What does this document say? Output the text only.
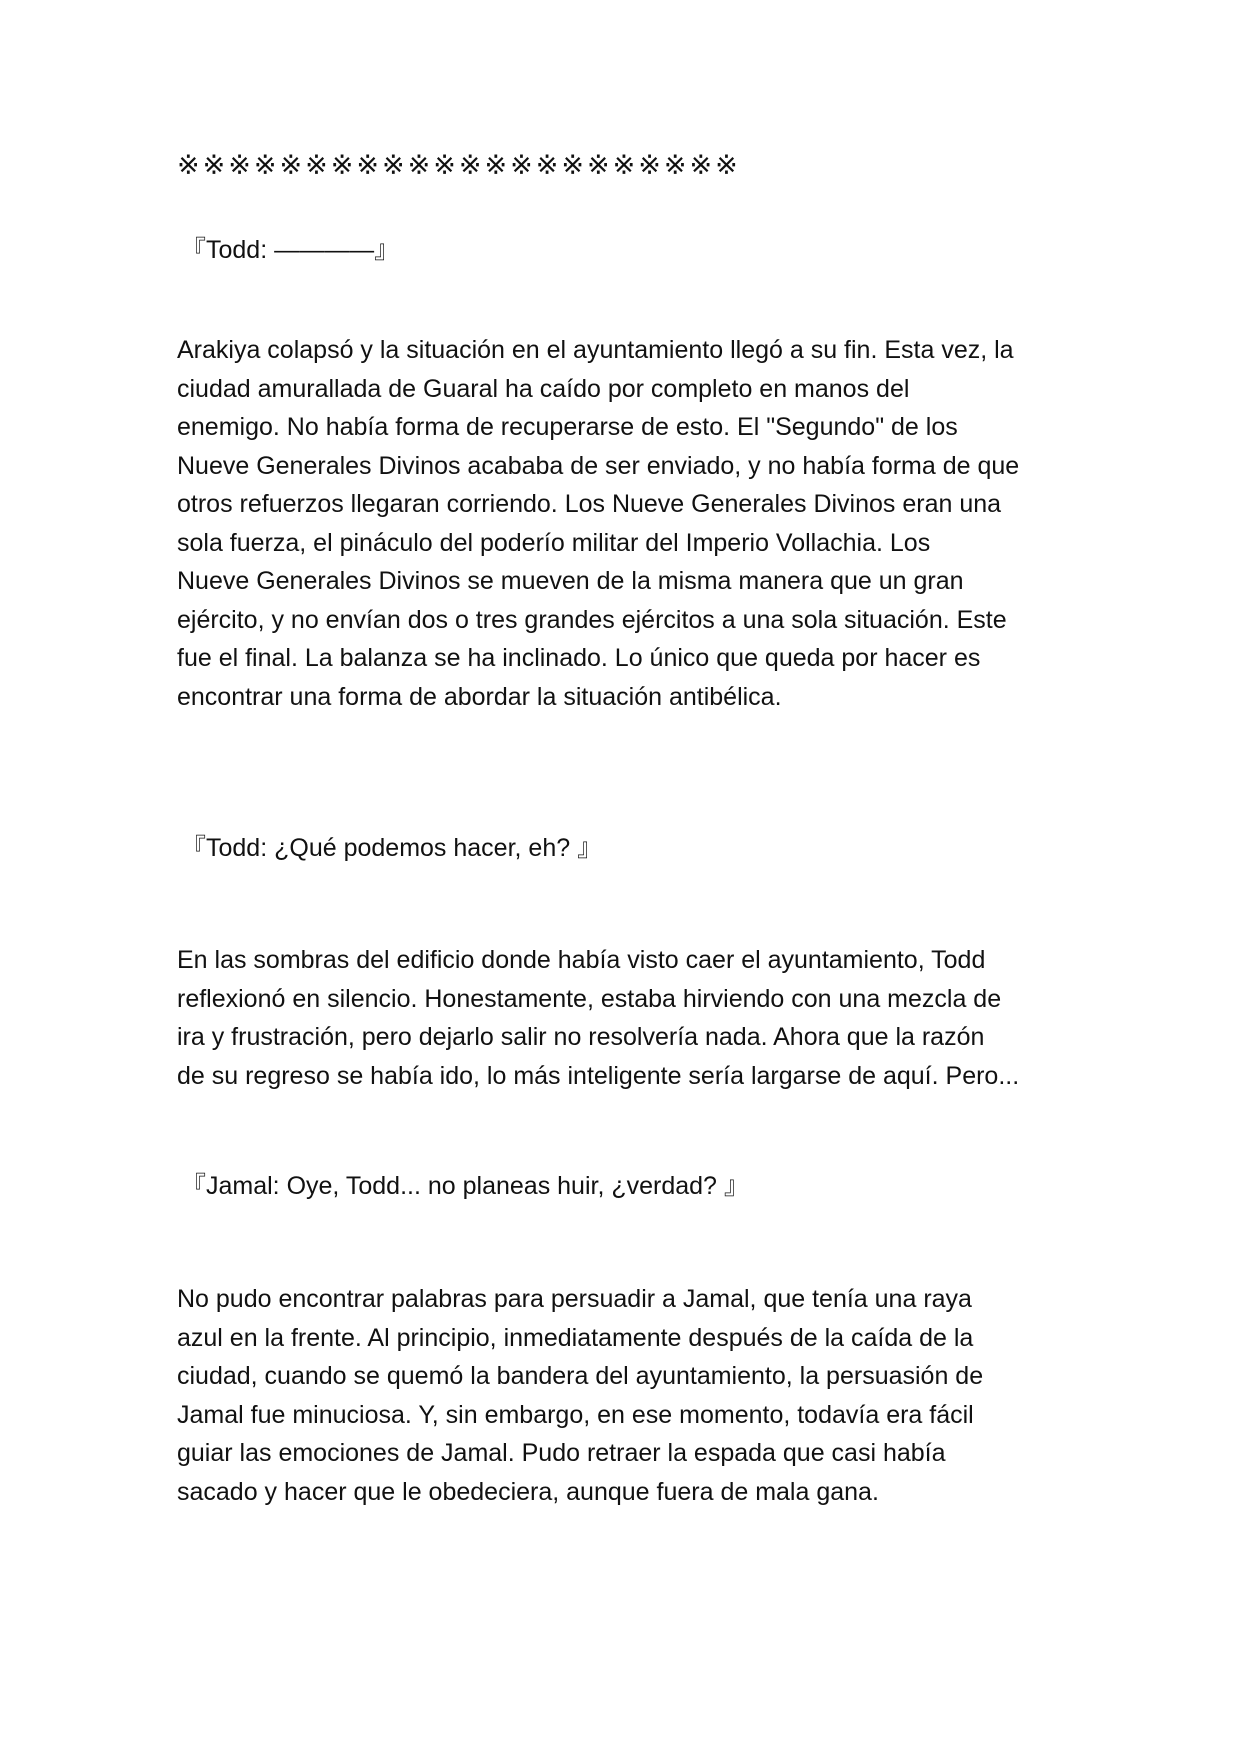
※※※※※※※※※※※※※※※※※※※※※※

『Todd: ————』

Arakiya colapsó y la situación en el ayuntamiento llegó a su fin. Esta vez, la
ciudad amurallada de Guaral ha caído por completo en manos del
enemigo. No había forma de recuperarse de esto. El "Segundo" de los
Nueve Generales Divinos acababa de ser enviado, y no había forma de que
otros refuerzos llegaran corriendo. Los Nueve Generales Divinos eran una
sola fuerza, el pináculo del poderío militar del Imperio Vollachia. Los
Nueve Generales Divinos se mueven de la misma manera que un gran
ejército, y no envían dos o tres grandes ejércitos a una sola situación. Este
fue el final. La balanza se ha inclinado. Lo único que queda por hacer es
encontrar una forma de abordar la situación antibélica.

『Todd: ¿Qué podemos hacer, eh? 』

En las sombras del edificio donde había visto caer el ayuntamiento, Todd
reflexionó en silencio. Honestamente, estaba hirviendo con una mezcla de
ira y frustración, pero dejarlo salir no resolvería nada. Ahora que la razón
de su regreso se había ido, lo más inteligente sería largarse de aquí. Pero...

『Jamal: Oye, Todd... no planeas huir, ¿verdad? 』

No pudo encontrar palabras para persuadir a Jamal, que tenía una raya
azul en la frente. Al principio, inmediatamente después de la caída de la
ciudad, cuando se quemó la bandera del ayuntamiento, la persuasión de
Jamal fue minuciosa. Y, sin embargo, en ese momento, todavía era fácil
guiar las emociones de Jamal. Pudo retraer la espada que casi había
sacado y hacer que le obedeciera, aunque fuera de mala gana.
